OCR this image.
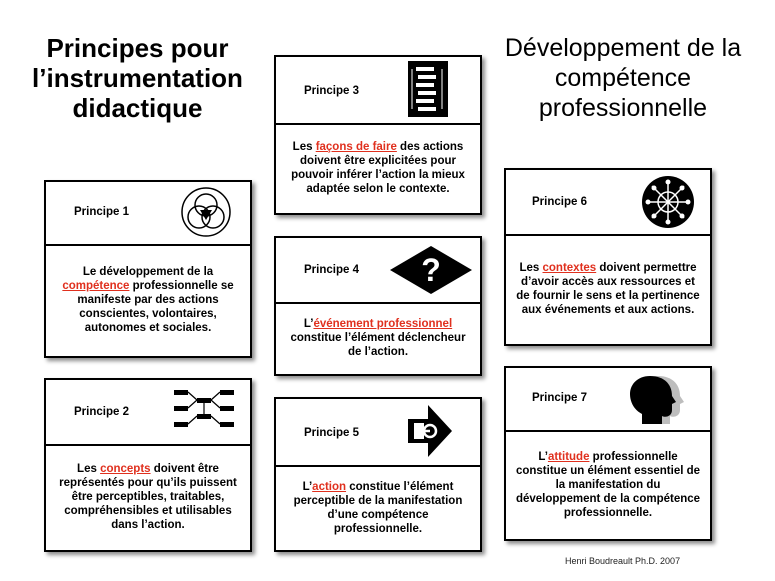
Principes pour l’instrumentation didactique
Développement de la compétence professionnelle
Principe 1
Le développement de la compétence professionnelle se manifeste par des actions conscientes, volontaires, autonomes et sociales.
Principe 2
Les concepts doivent être représentés pour qu’ils puissent être perceptibles, traitables, compréhensibles et utilisables dans l’action.
Principe 3
Les façons de faire des actions doivent être explicitées pour pouvoir inférer l’action la mieux adaptée selon le contexte.
Principe 4 ?
L’événement professionnel constitue l’élément déclencheur de l’action.
Principe 5
L’action constitue l’élément perceptible de la manifestation d’une compétence professionnelle.
Principe 6
Les contextes doivent permettre d’avoir accès aux ressources et de fournir le sens et la pertinence aux événements et aux actions.
Principe 7
L’attitude professionnelle constitue un élément essentiel de la manifestation du développement de la compétence professionnelle.
Henri Boudreault Ph.D. 2007
